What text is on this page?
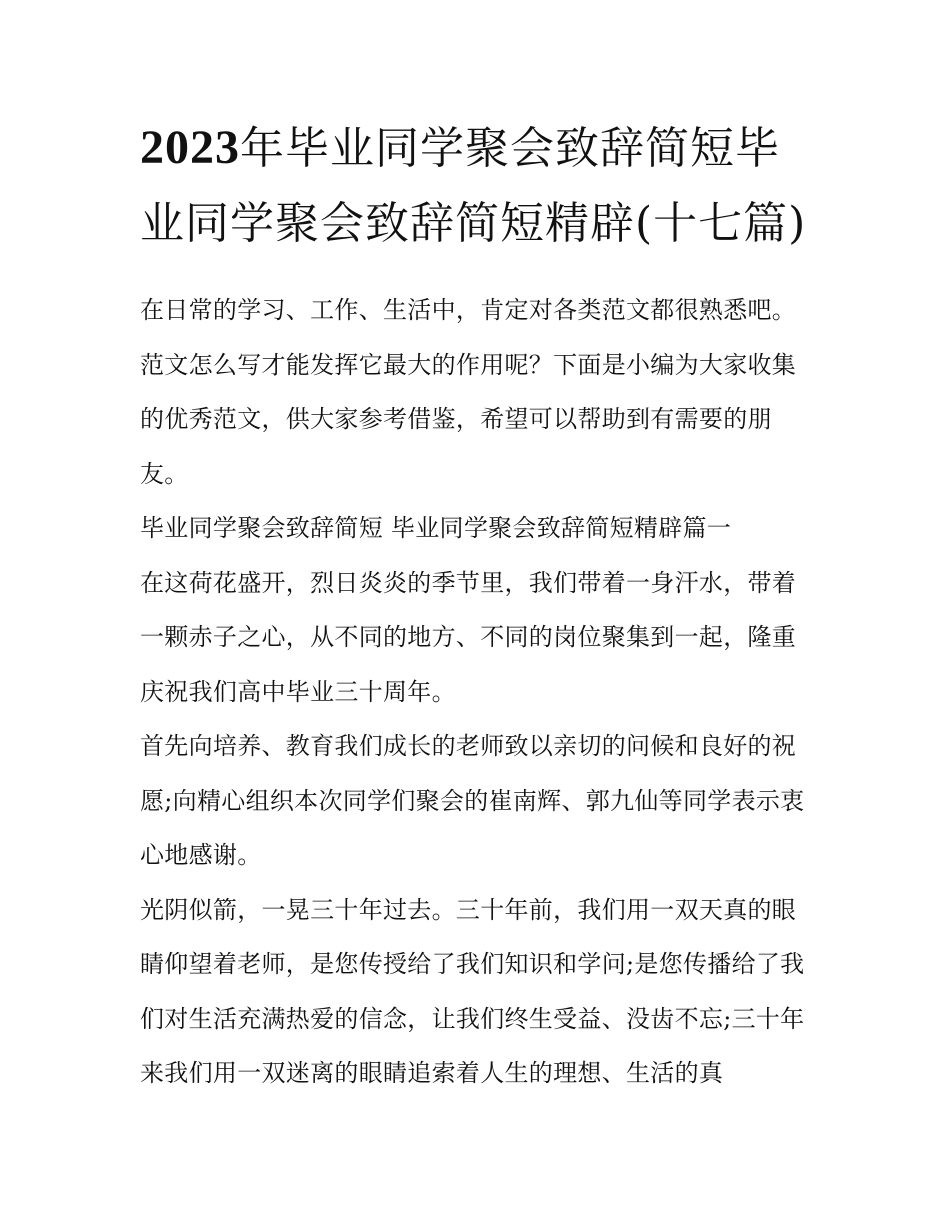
2023年毕业同学聚会致辞简短毕业同学聚会致辞简短精辟(十七篇)

在日常的学习、工作、生活中，肯定对各类范文都很熟悉吧。范文怎么写才能发挥它最大的作用呢？下面是小编为大家收集的优秀范文，供大家参考借鉴，希望可以帮助到有需要的朋友。

毕业同学聚会致辞简短 毕业同学聚会致辞简短精辟篇一

在这荷花盛开，烈日炎炎的季节里，我们带着一身汗水，带着一颗赤子之心，从不同的地方、不同的岗位聚集到一起，隆重庆祝我们高中毕业三十周年。

首先向培养、教育我们成长的老师致以亲切的问候和良好的祝愿;向精心组织本次同学们聚会的崔南辉、郭九仙等同学表示衷心地感谢。

光阴似箭，一晃三十年过去。三十年前，我们用一双天真的眼睛仰望着老师，是您传授给了我们知识和学问;是您传播给了我们对生活充满热爱的信念，让我们终生受益、没齿不忘;三十年来我们用一双迷离的眼睛追索着人生的理想、生活的真
